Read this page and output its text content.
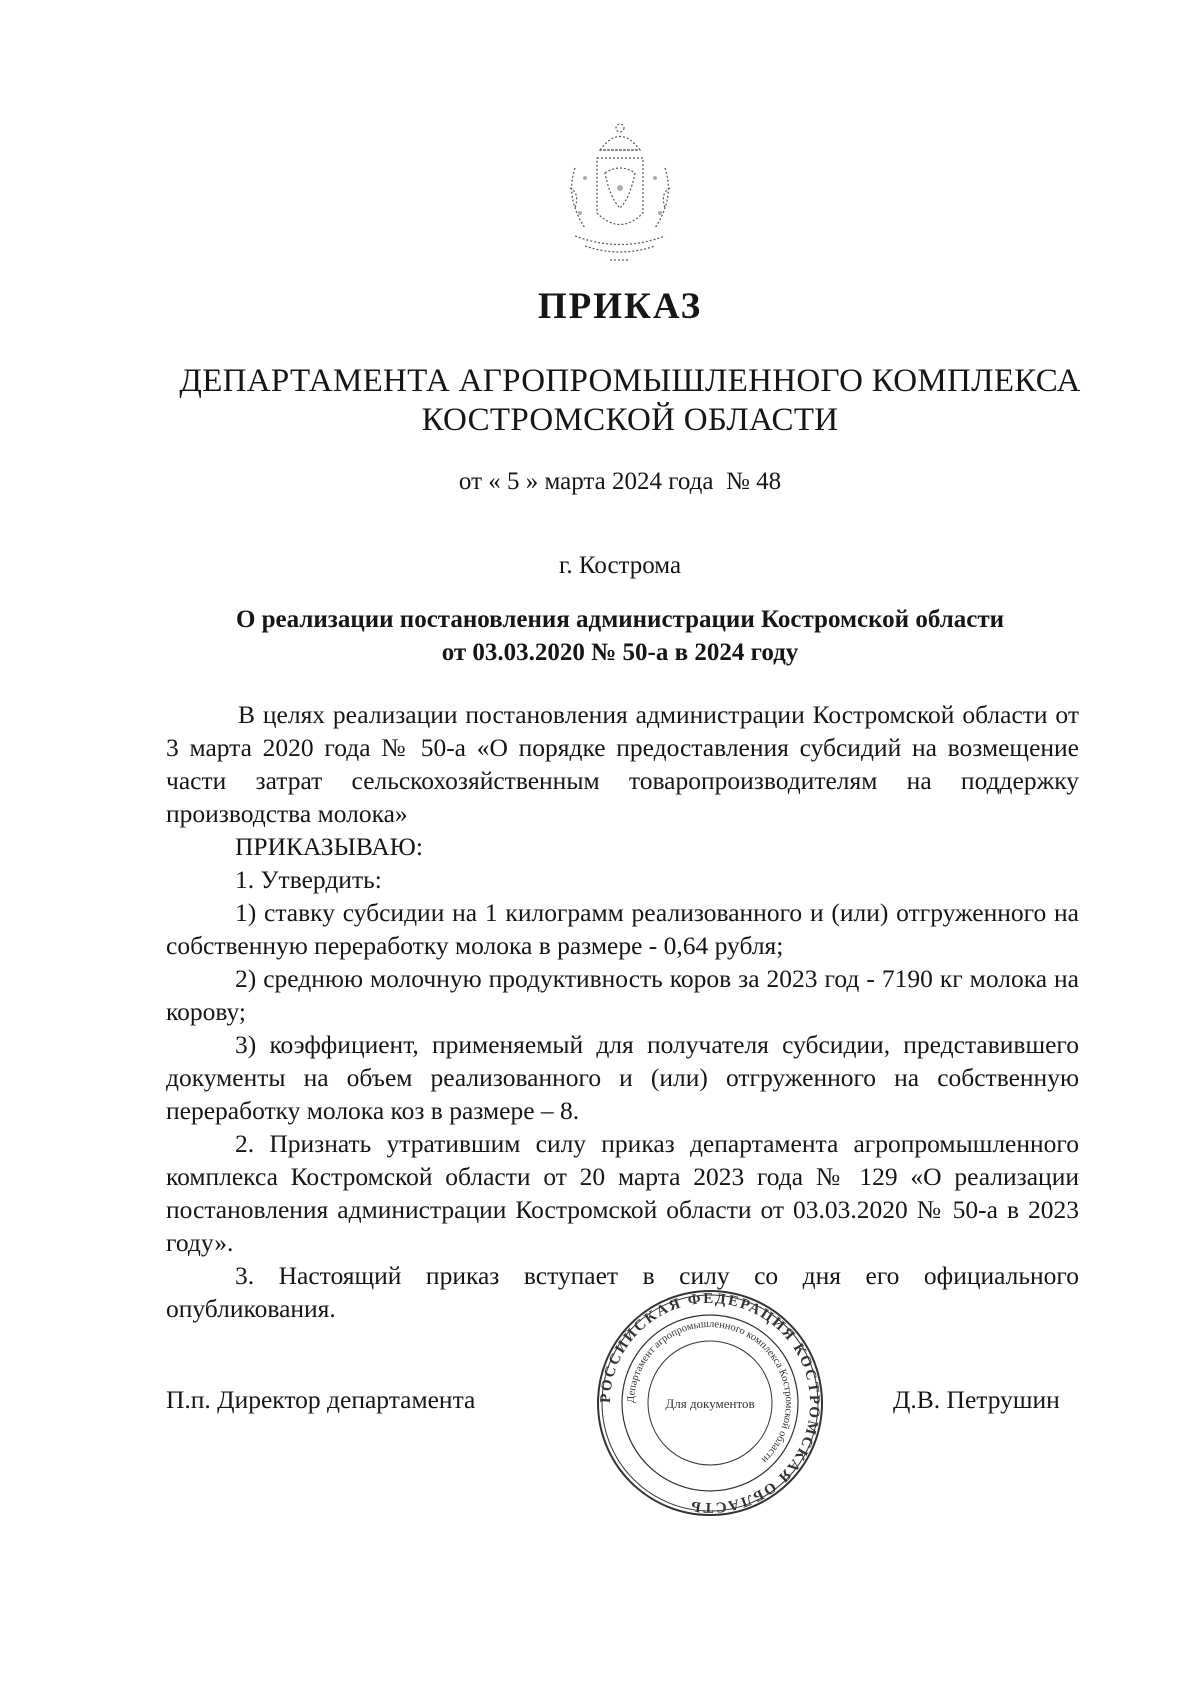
ПРИКАЗ
ДЕПАРТАМЕНТА АГРОПРОМЫШЛЕННОГО КОМПЛЕКСА
КОСТРОМСКОЙ ОБЛАСТИ
от « 5 » марта 2024 года  № 48
г. Кострома
О реализации постановления администрации Костромской области
от 03.03.2020 № 50-а в 2024 году

В целях реализации постановления администрации Костромской области от 3 марта 2020 года № 50-а «О порядке предоставления субсидий на возмещение части затрат сельскохозяйственным товаропроизводителям на поддержку производства молока»

ПРИКАЗЫВАЮ:

1. Утвердить:

1) ставку субсидии на 1 килограмм реализованного и (или) отгруженного на собственную переработку молока в размере - 0,64 рубля;

2) среднюю молочную продуктивность коров за 2023 год - 7190 кг молока на корову;

3) коэффициент, применяемый для получателя субсидии, представившего документы на объем реализованного и (или) отгруженного на собственную переработку молока коз в размере – 8.

2. Признать утратившим силу приказ департамента агропромышленного комплекса Костромской области от 20 марта 2023 года № 129 «О реализации постановления администрации Костромской области от 03.03.2020 № 50-а в 2023 году».

3. Настоящий приказ вступает в силу со дня его официального опубликования.

П.п. Директор департамента	Д.В. Петрушин
РОССИЙСКАЯ ФЕДЕРАЦИЯ КОСТРОМСКАЯ ОБЛАСТЬ
Департамент агропромышленного комплекса Костромской области
Для документов
